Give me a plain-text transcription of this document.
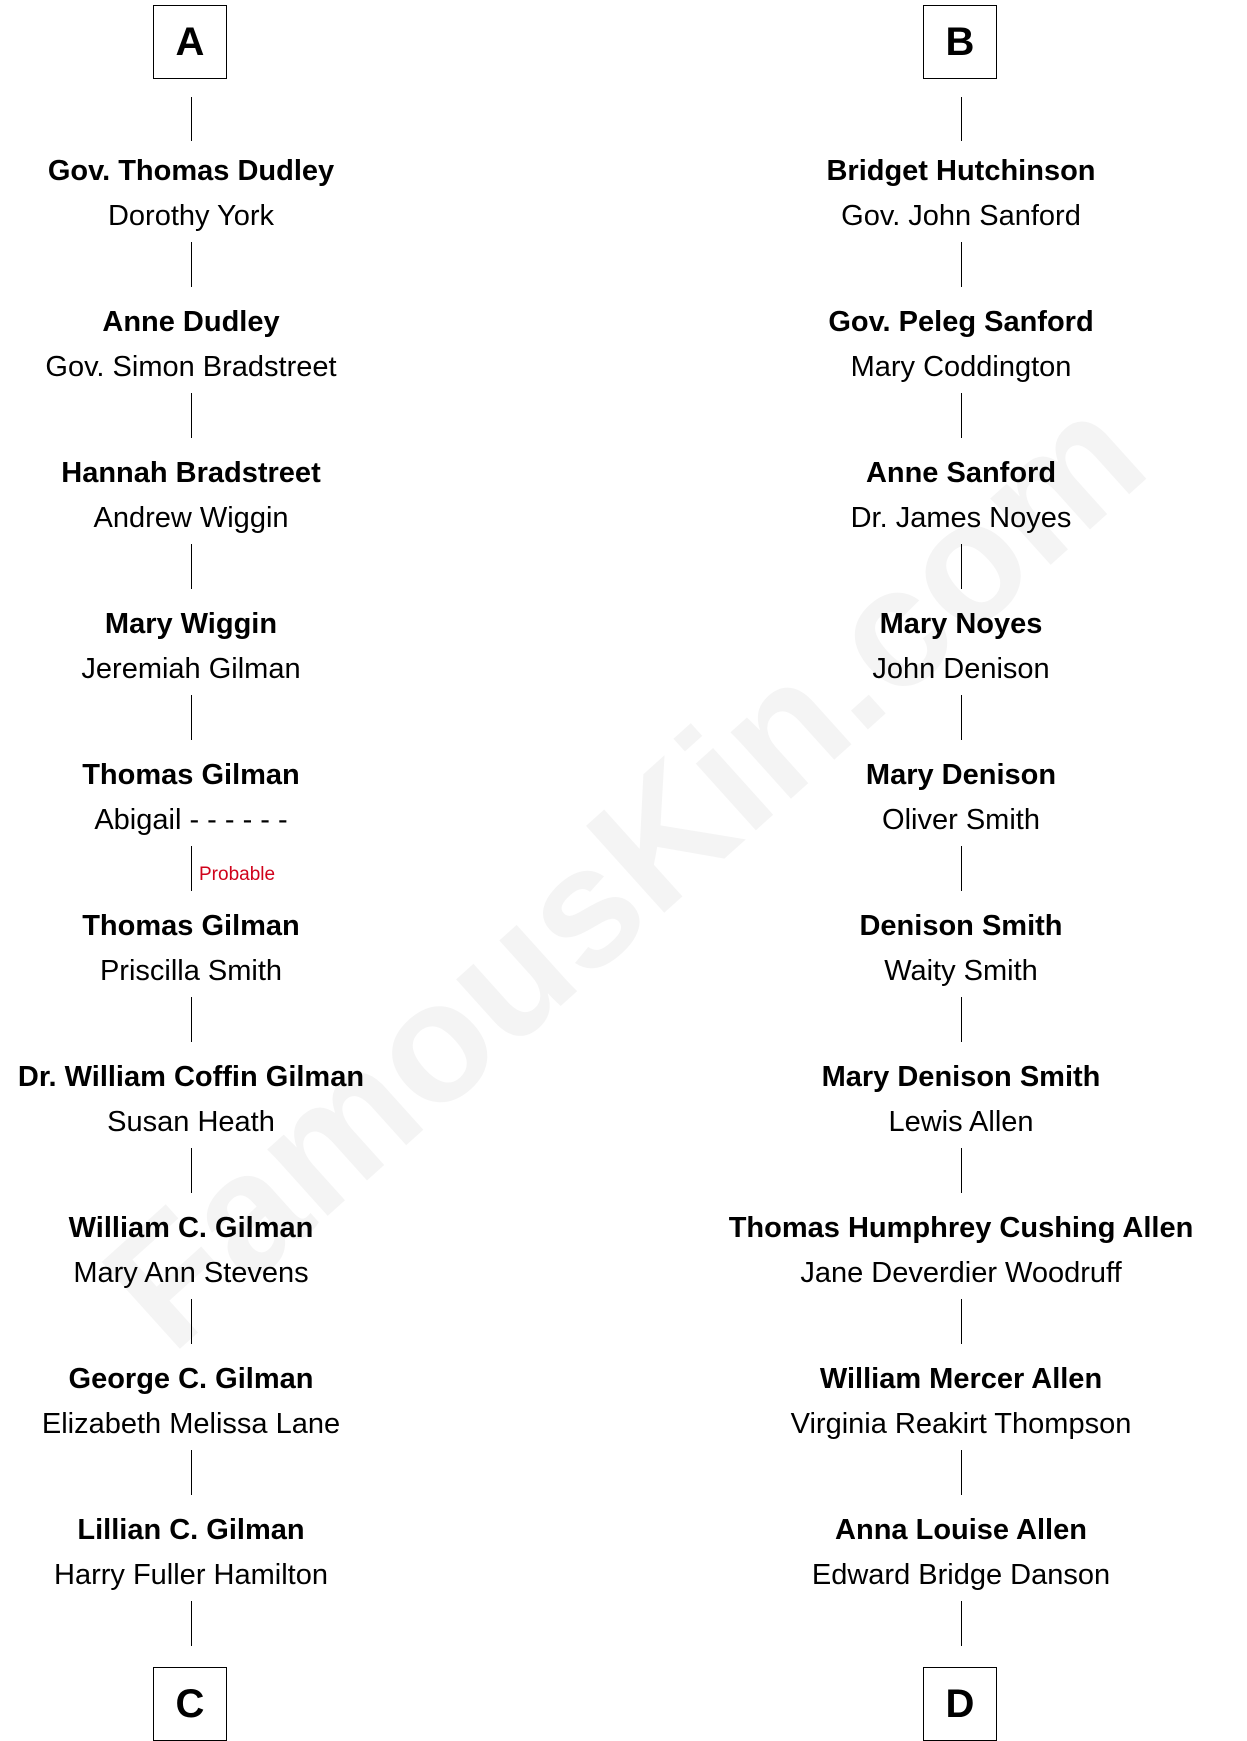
A
Gov. Thomas Dudley
Dorothy York
Anne Dudley
Gov. Simon Bradstreet
Hannah Bradstreet
Andrew Wiggin
Mary Wiggin
Jeremiah Gilman
Thomas Gilman
Abigail - - - - - -
Thomas Gilman
Priscilla Smith
Dr. William Coffin Gilman
Susan Heath
William C. Gilman
Mary Ann Stevens
George C. Gilman
Elizabeth Melissa Lane
Lillian C. Gilman
Harry Fuller Hamilton
Probable
C
B
Bridget Hutchinson
Gov. John Sanford
Gov. Peleg Sanford
Mary Coddington
Anne Sanford
Dr. James Noyes
Mary Noyes
John Denison
Mary Denison
Oliver Smith
Denison Smith
Waity Smith
Mary Denison Smith
Lewis Allen
Thomas Humphrey Cushing Allen
Jane Deverdier Woodruff
William Mercer Allen
Virginia Reakirt Thompson
Anna Louise Allen
Edward Bridge Danson
D
